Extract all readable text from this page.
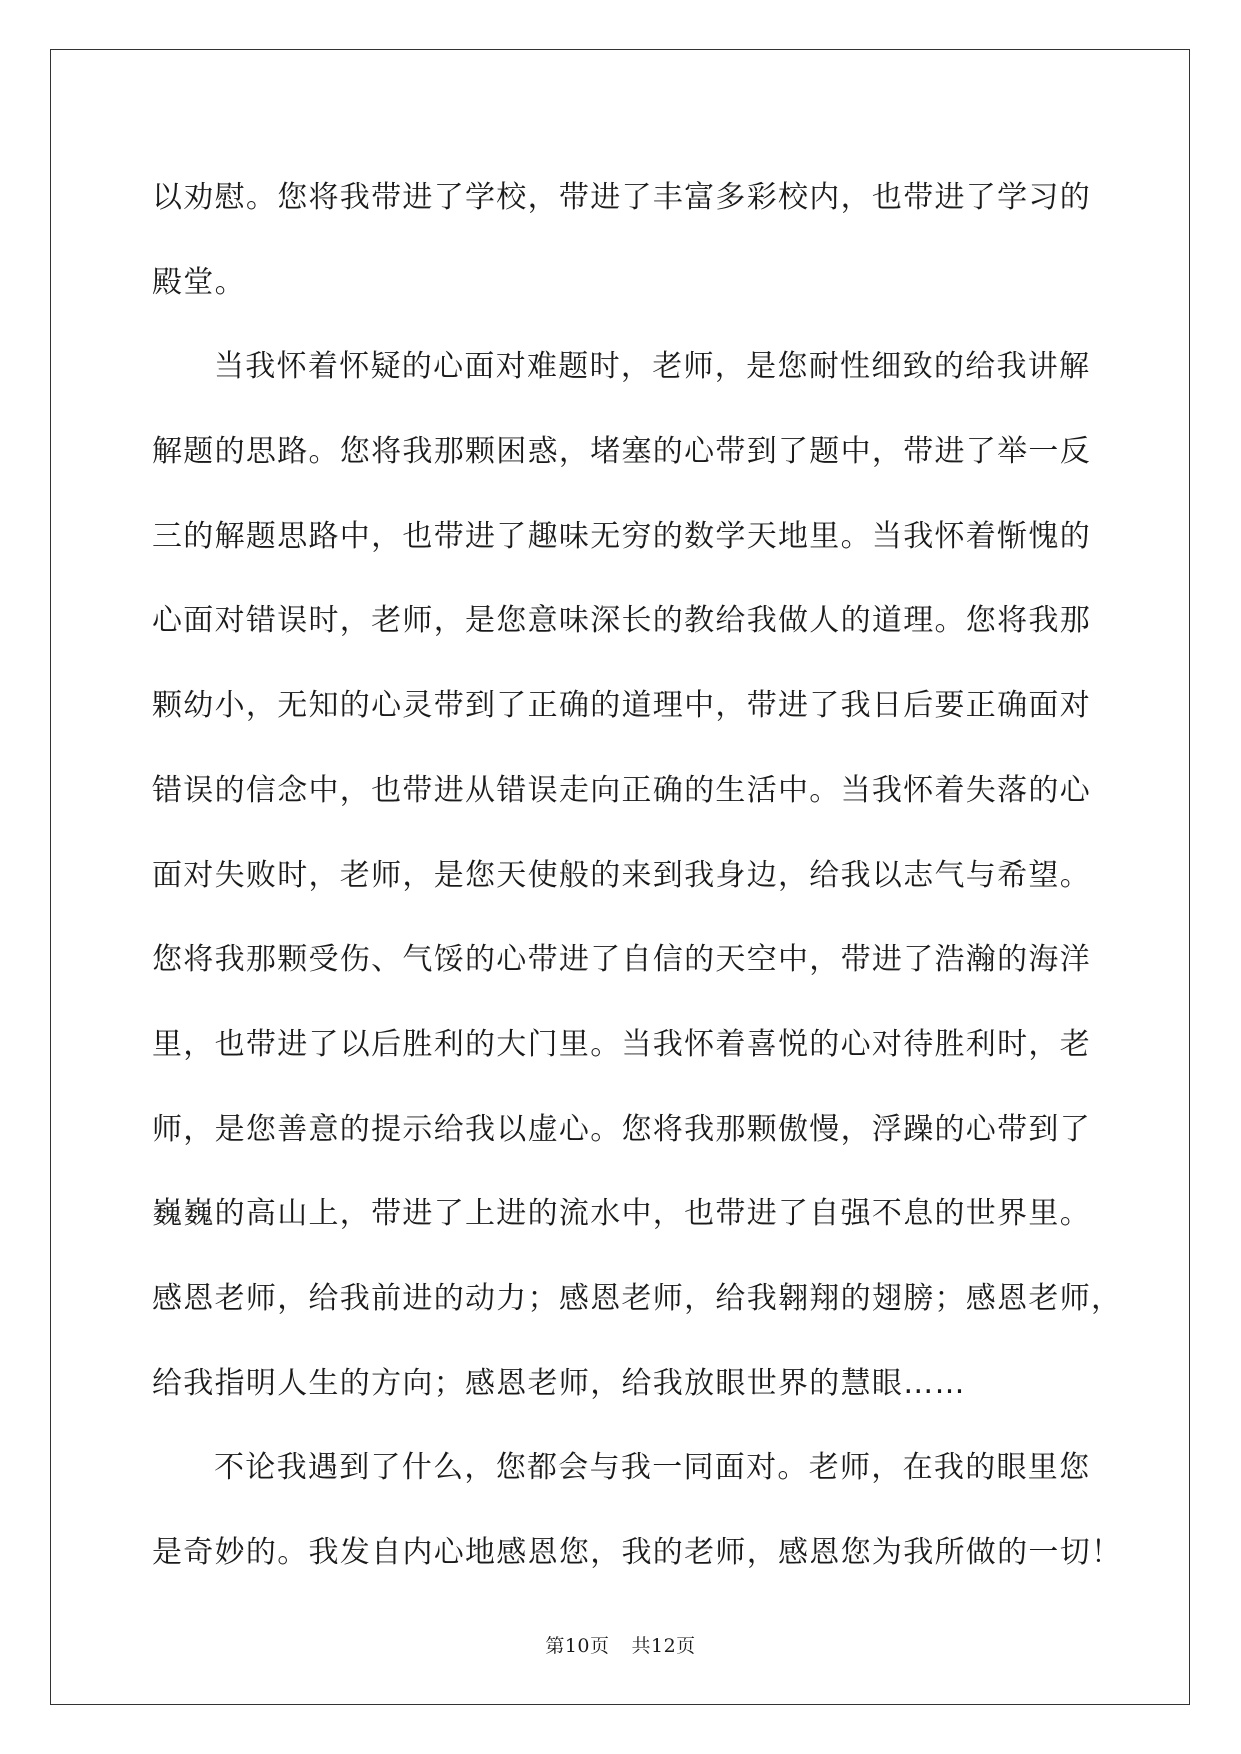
以劝慰。您将我带进了学校，带进了丰富多彩校内，也带进了学习的
殿堂。
当我怀着怀疑的心面对难题时，老师，是您耐性细致的给我讲解
解题的思路。您将我那颗困惑，堵塞的心带到了题中，带进了举一反
三的解题思路中，也带进了趣味无穷的数学天地里。当我怀着惭愧的
心面对错误时，老师，是您意味深长的教给我做人的道理。您将我那
颗幼小，无知的心灵带到了正确的道理中，带进了我日后要正确面对
错误的信念中，也带进从错误走向正确的生活中。当我怀着失落的心
面对失败时，老师，是您天使般的来到我身边，给我以志气与希望。
您将我那颗受伤、气馁的心带进了自信的天空中，带进了浩瀚的海洋
里，也带进了以后胜利的大门里。当我怀着喜悦的心对待胜利时，老
师，是您善意的提示给我以虚心。您将我那颗傲慢，浮躁的心带到了
巍巍的高山上，带进了上进的流水中，也带进了自强不息的世界里。
感恩老师，给我前进的动力；感恩老师，给我翱翔的翅膀；感恩老师，
给我指明人生的方向；感恩老师，给我放眼世界的慧眼……
不论我遇到了什么，您都会与我一同面对。老师，在我的眼里您
是奇妙的。我发自内心地感恩您，我的老师，感恩您为我所做的一切！
第10页 共12页
